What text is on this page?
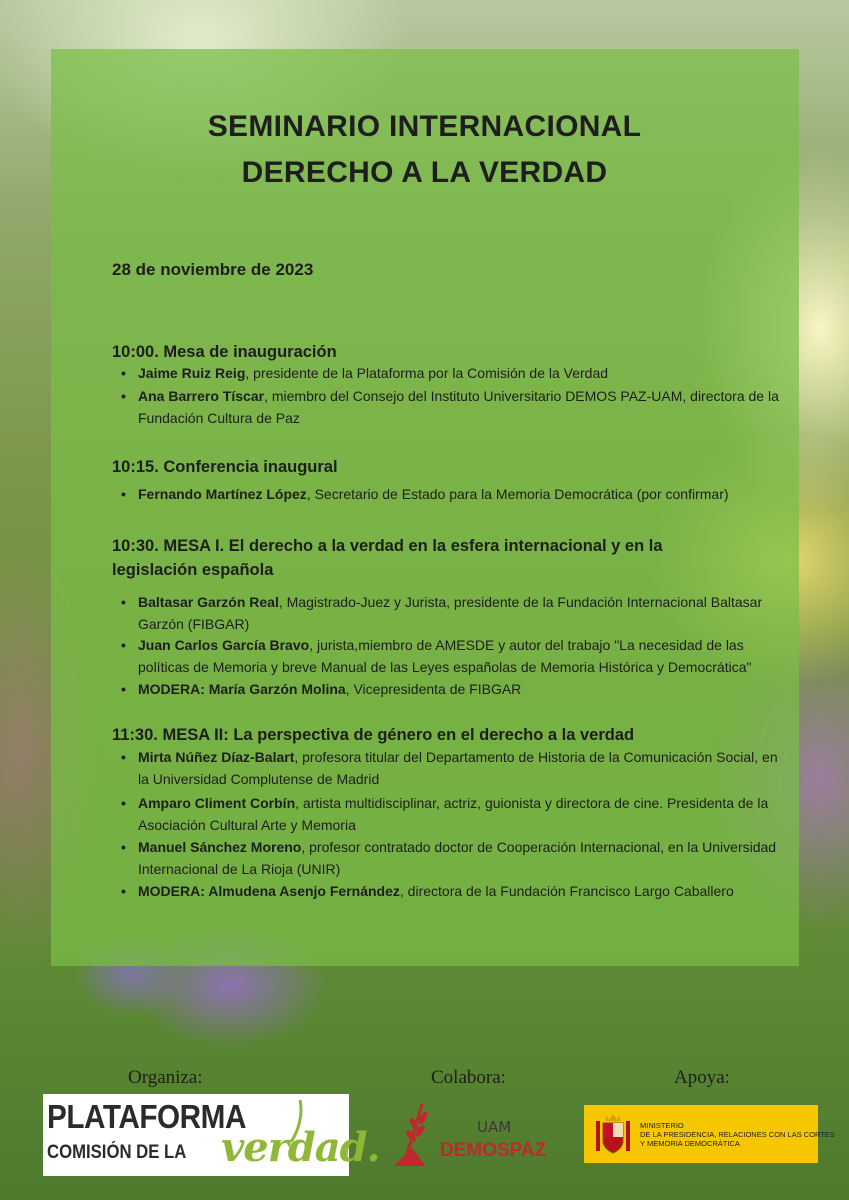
SEMINARIO INTERNACIONAL
DERECHO A LA VERDAD
28 de noviembre de 2023
10:00. Mesa de inauguración
• Jaime Ruiz Reig, presidente de la Plataforma por la Comisión de la Verdad
• Ana Barrero Tíscar, miembro del Consejo del Instituto Universitario DEMOS PAZ-UAM, directora de la Fundación Cultura de Paz
10:15. Conferencia inaugural
• Fernando Martínez López, Secretario de Estado para la Memoria Democrática (por confirmar)
10:30. MESA I. El derecho a la verdad en la esfera internacional y en la
legislación española
• Baltasar Garzón Real, Magistrado-Juez y Jurista, presidente de la Fundación Internacional Baltasar Garzón (FIBGAR)
• Juan Carlos García Bravo, jurista,miembro de AMESDE y autor del trabajo "La necesidad de las políticas de Memoria y breve Manual de las Leyes españolas de Memoria Histórica y Democrática"
• MODERA: María Garzón Molina, Vicepresidenta de FIBGAR
11:30. MESA II: La perspectiva de género en el derecho a la verdad
• Mirta Núñez Díaz-Balart, profesora titular del Departamento de Historia de la Comunicación Social, en la Universidad Complutense de Madrid
• Amparo Climent Corbín, artista multidisciplinar, actriz, guionista y directora de cine. Presidenta de la Asociación Cultural Arte y Memoria
• Manuel Sánchez Moreno, profesor contratado doctor de Cooperación Internacional, en la Universidad Internacional de La Rioja (UNIR)
• MODERA: Almudena Asenjo Fernández, directora de la Fundación Francisco Largo Caballero
Organiza:	Colabora:	Apoya:
PLATAFORMA
COMISIÓN DE LA verdad.	UAM
DEMOSPAZ
MINISTERIO
DE LA PRESIDENCIA, RELACIONES CON LAS CORTES
Y MEMORIA DEMOCRÁTICA
